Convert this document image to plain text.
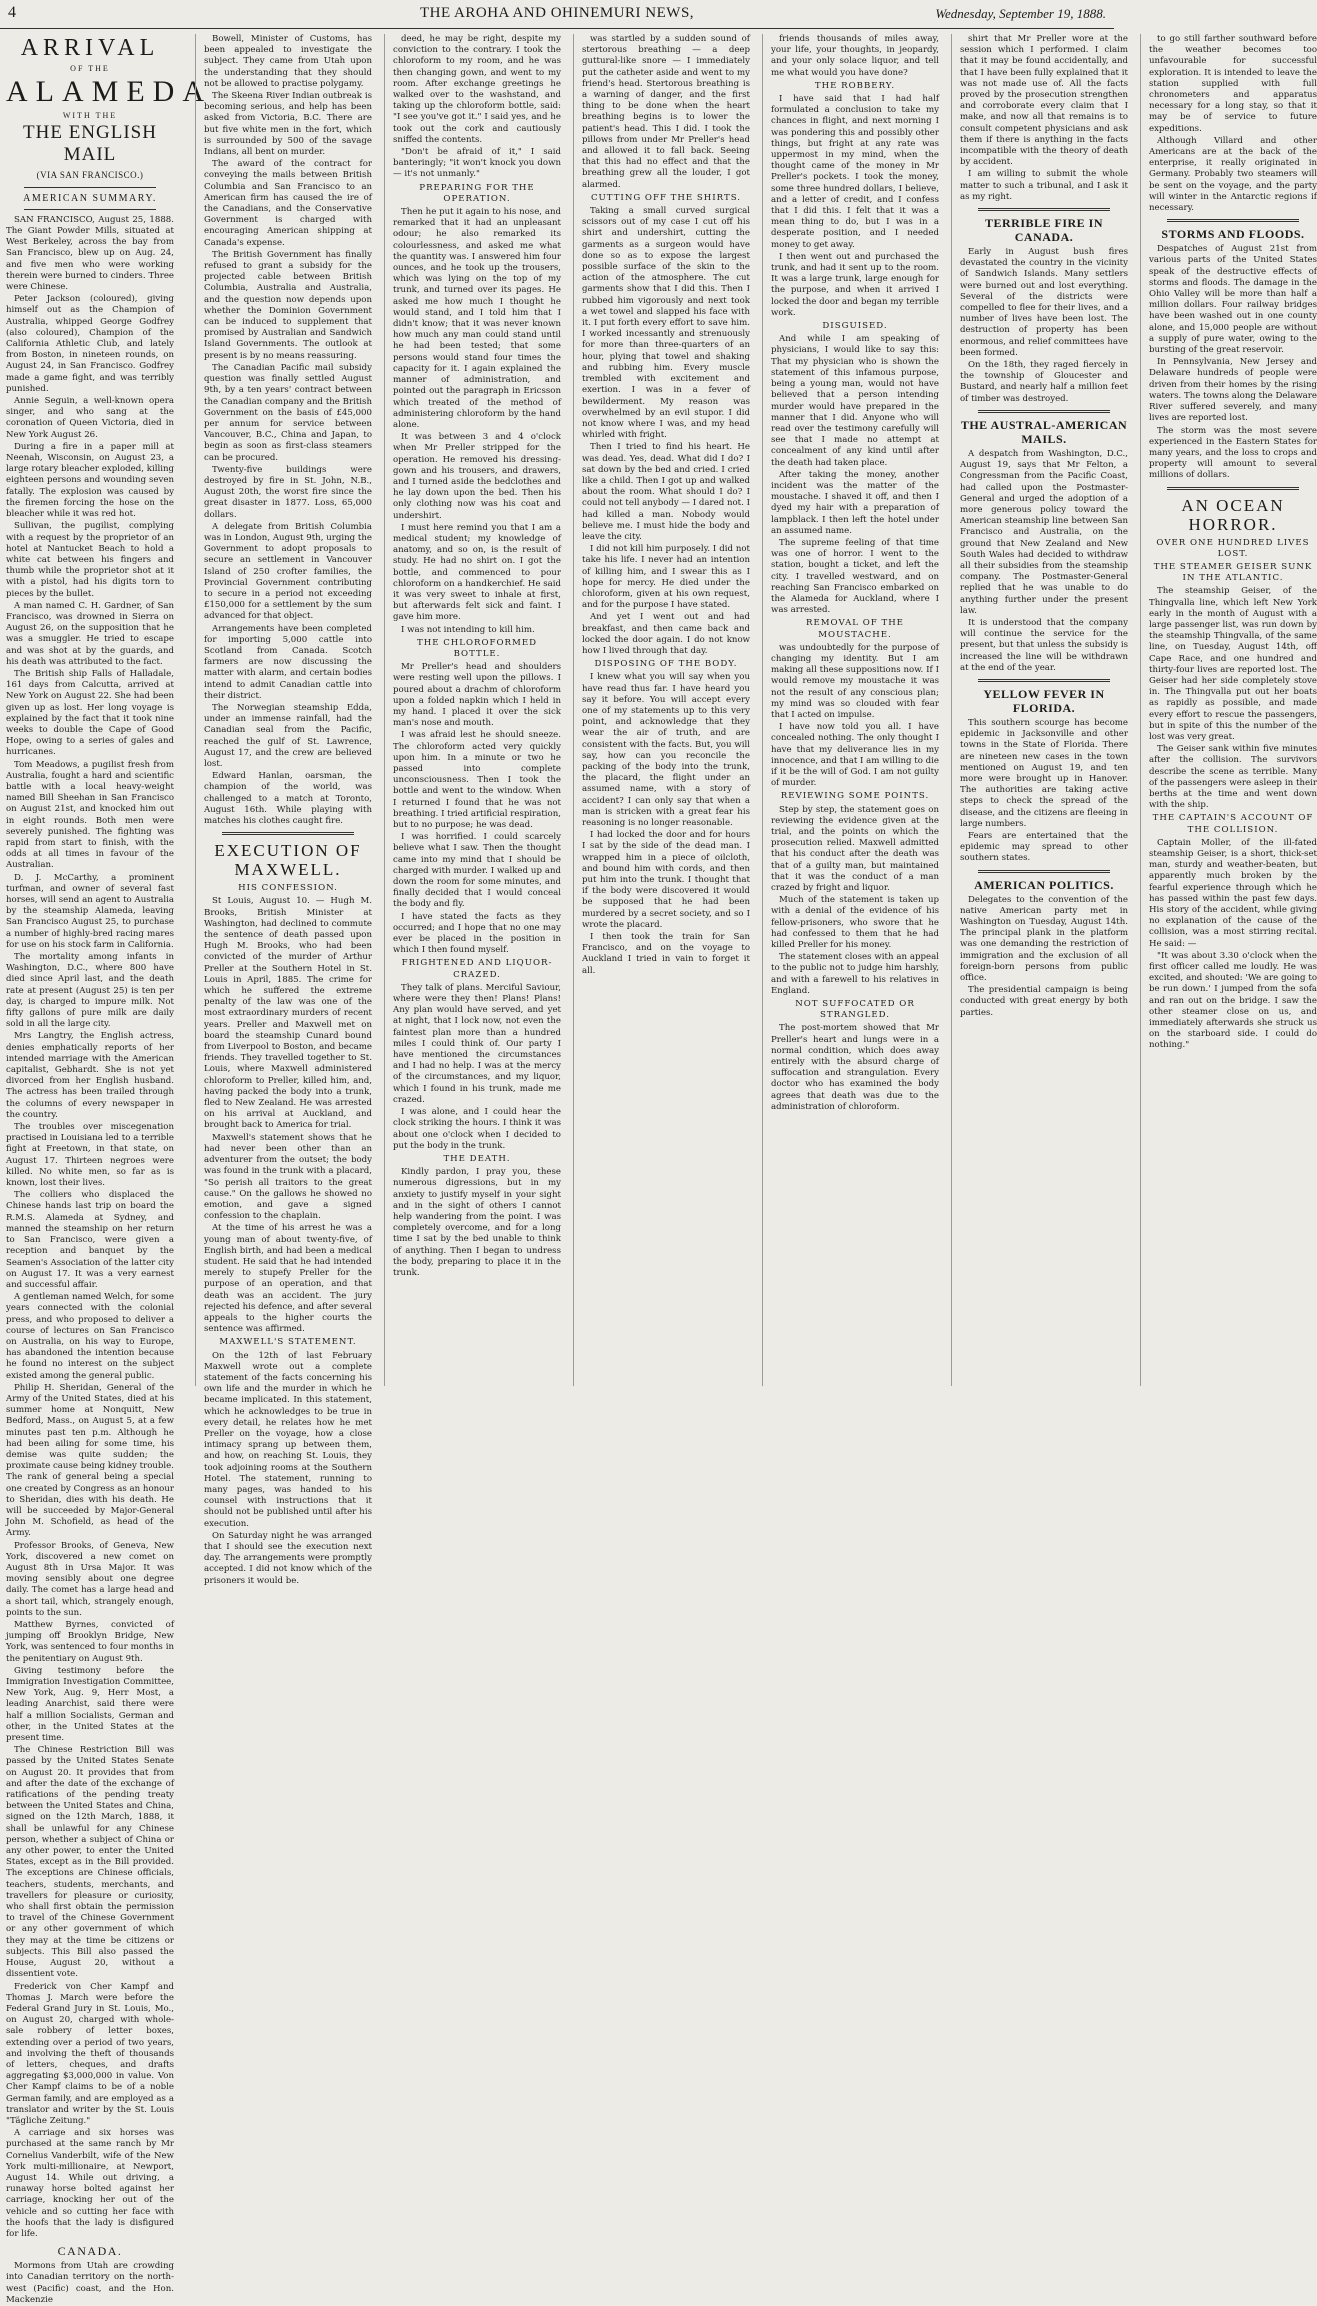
4	THE AROHA AND OHINEMURI NEWS,	Wednesday, September 19, 1888.
ARRIVAL
OF THE
ALAMEDA
WITH THE
THE ENGLISH MAIL
(VIA SAN FRANCISCO.)
AMERICAN SUMMARY.

SAN FRANCISCO, August 25, 1888. The Giant Powder Mills, situated at West Berkeley, across the bay from San Francisco, blew up on Aug. 24, and five men who were working therein were burned to cinders. Three were Chinese.

Peter Jackson (coloured), giving himself out as the Champion of Australia, whipped George Godfrey (also coloured), Champion of the California Athletic Club, and lately from Boston, in nineteen rounds, on August 24, in San Francisco. Godfrey made a game fight, and was terribly punished.

Annie Seguin, a well-known opera singer, and who sang at the coronation of Queen Victoria, died in New York August 26.

During a fire in a paper mill at Neenah, Wisconsin, on August 23, a large rotary bleacher exploded, killing eighteen persons and wounding seven fatally. The explosion was caused by the firemen forcing the hose on the bleacher while it was red hot.

Sullivan, the pugilist, complying with a request by the proprietor of an hotel at Nantucket Beach to hold a white cat between his fingers and thumb while the proprietor shot at it with a pistol, had his digits torn to pieces by the bullet.

A man named C. H. Gardner, of San Francisco, was drowned in Sierra on August 26, on the supposition that he was a smuggler. He tried to escape and was shot at by the guards, and his death was attributed to the fact.

The British ship Falls of Halladale, 161 days from Calcutta, arrived at New York on August 22. She had been given up as lost. Her long voyage is explained by the fact that it took nine weeks to double the Cape of Good Hope, owing to a series of gales and hurricanes.

Tom Meadows, a pugilist fresh from Australia, fought a hard and scientific battle with a local heavy-weight named Bill Sheehan in San Francisco on August 21st, and knocked him out in eight rounds. Both men were severely punished. The fighting was rapid from start to finish, with the odds at all times in favour of the Australian.

D. J. McCarthy, a prominent turfman, and owner of several fast horses, will send an agent to Australia by the steamship Alameda, leaving San Francisco August 25, to purchase a number of highly-bred racing mares for use on his stock farm in California.

The mortality among infants in Washington, D.C., where 800 have died since April last, and the death rate at present (August 25) is ten per day, is charged to impure milk. Not fifty gallons of pure milk are daily sold in all the large city.

Mrs Langtry, the English actress, denies emphatically reports of her intended marriage with the American capitalist, Gebhardt. She is not yet divorced from her English husband. The actress has been trailed through the columns of every newspaper in the country.

The troubles over miscegenation practised in Louisiana led to a terrible fight at Freetown, in that state, on August 17. Thirteen negroes were killed. No white men, so far as is known, lost their lives.

The colliers who displaced the Chinese hands last trip on board the R.M.S. Alameda at Sydney, and manned the steamship on her return to San Francisco, were given a reception and banquet by the Seamen's Association of the latter city on August 17. It was a very earnest and successful affair.

A gentleman named Welch, for some years connected with the colonial press, and who proposed to deliver a course of lectures on San Francisco on Australia, on his way to Europe, has abandoned the intention because he found no interest on the subject existed among the general public.

Philip H. Sheridan, General of the Army of the United States, died at his summer home at Nonquitt, New Bedford, Mass., on August 5, at a few minutes past ten p.m. Although he had been ailing for some time, his demise was quite sudden; the proximate cause being kidney trouble. The rank of general being a special one created by Congress as an honour to Sheridan, dies with his death. He will be succeeded by Major-General John M. Schofield, as head of the Army.

Professor Brooks, of Geneva, New York, discovered a new comet on August 8th in Ursa Major. It was moving sensibly about one degree daily. The comet has a large head and a short tail, which, strangely enough, points to the sun.

Matthew Byrnes, convicted of jumping off Brooklyn Bridge, New York, was sentenced to four months in the penitentiary on August 9th.

Giving testimony before the Immigration Investigation Committee, New York, Aug. 9, Herr Most, a leading Anarchist, said there were half a million Socialists, German and other, in the United States at the present time.

The Chinese Restriction Bill was passed by the United States Senate on August 20. It provides that from and after the date of the exchange of ratifications of the pending treaty between the United States and China, signed on the 12th March, 1888, it shall be unlawful for any Chinese person, whether a subject of China or any other power, to enter the United States, except as in the Bill provided. The exceptions are Chinese officials, teachers, students, merchants, and travellers for pleasure or curiosity, who shall first obtain the permission to travel of the Chinese Government or any other government of which they may at the time be citizens or subjects. This Bill also passed the House, August 20, without a dissentient vote.

Frederick von Cher Kampf and Thomas J. March were before the Federal Grand Jury in St. Louis, Mo., on August 20, charged with whole-sale robbery of letter boxes, extending over a period of two years, and involving the theft of thousands of letters, cheques, and drafts aggregating $3,000,000 in value. Von Cher Kampf claims to be of a noble German family, and are employed as a translator and writer by the St. Louis "Tägliche Zeitung."

A carriage and six horses was purchased at the same ranch by Mr Cornelius Vanderbilt, wife of the New York multi-millionaire, at Newport, August 14. While out driving, a runaway horse bolted against her carriage, knocking her out of the vehicle and so cutting her face with the hoofs that the lady is disfigured for life.

CANADA.

Mormons from Utah are crowding into Canadian territory on the north-west (Pacific) coast, and the Hon. Mackenzie

Bowell, Minister of Customs, has been appealed to investigate the subject. They came from Utah upon the understanding that they should not be allowed to practise polygamy.

The Skeena River Indian outbreak is becoming serious, and help has been asked from Victoria, B.C. There are but five white men in the fort, which is surrounded by 500 of the savage Indians, all bent on murder.

The award of the contract for conveying the mails between British Columbia and San Francisco to an American firm has caused the ire of the Canadians, and the Conservative Government is charged with encouraging American shipping at Canada's expense.

The British Government has finally refused to grant a subsidy for the projected cable between British Columbia, Australia and Australia, and the question now depends upon whether the Dominion Government can be induced to supplement that promised by Australian and Sandwich Island Governments. The outlook at present is by no means reassuring.

The Canadian Pacific mail subsidy question was finally settled August 9th, by a ten years' contract between the Canadian company and the British Government on the basis of £45,000 per annum for service between Vancouver, B.C., China and Japan, to begin as soon as first-class steamers can be procured.

Twenty-five buildings were destroyed by fire in St. John, N.B., August 20th, the worst fire since the great disaster in 1877. Loss, 65,000 dollars.

A delegate from British Columbia was in London, August 9th, urging the Government to adopt proposals to secure an settlement in Vancouver Island of 250 crofter families, the Provincial Government contributing to secure in a period not exceeding £150,000 for a settlement by the sum advanced for that object.

Arrangements have been completed for importing 5,000 cattle into Scotland from Canada. Scotch farmers are now discussing the matter with alarm, and certain bodies intend to admit Canadian cattle into their district.

The Norwegian steamship Edda, under an immense rainfall, had the Canadian seal from the Pacific, reached the gulf of St. Lawrence, August 17, and the crew are believed lost.

Edward Hanlan, oarsman, the champion of the world, was challenged to a match at Toronto, August 16th. While playing with matches his clothes caught fire.

EXECUTION OF MAXWELL.
HIS CONFESSION.

St Louis, August 10. — Hugh M. Brooks, British Minister at Washington, had declined to commute the sentence of death passed upon Hugh M. Brooks, who had been convicted of the murder of Arthur Preller at the Southern Hotel in St. Louis in April, 1885. The crime for which he suffered the extreme penalty of the law was one of the most extraordinary murders of recent years. Preller and Maxwell met on board the steamship Cunard bound from Liverpool to Boston, and became friends. They travelled together to St. Louis, where Maxwell administered chloroform to Preller, killed him, and, having packed the body into a trunk, fled to New Zealand. He was arrested on his arrival at Auckland, and brought back to America for trial.

Maxwell's statement shows that he had never been other than an adventurer from the outset; the body was found in the trunk with a placard, "So perish all traitors to the great cause." On the gallows he showed no emotion, and gave a signed confession to the chaplain.

At the time of his arrest he was a young man of about twenty-five, of English birth, and had been a medical student. He said that he had intended merely to stupefy Preller for the purpose of an operation, and that death was an accident. The jury rejected his defence, and after several appeals to the higher courts the sentence was affirmed.

MAXWELL'S STATEMENT.

On the 12th of last February Maxwell wrote out a complete statement of the facts concerning his own life and the murder in which he became implicated. In this statement, which he acknowledges to be true in every detail, he relates how he met Preller on the voyage, how a close intimacy sprang up between them, and how, on reaching St. Louis, they took adjoining rooms at the Southern Hotel. The statement, running to many pages, was handed to his counsel with instructions that it should not be published until after his execution.

On Saturday night he was arranged that I should see the execution next day. The arrangements were promptly accepted. I did not know which of the prisoners it would be.

deed, he may be right, despite my conviction to the contrary. I took the chloroform to my room, and he was then changing gown, and went to my room. After exchange greetings he walked over to the washstand, and taking up the chloroform bottle, said: "I see you've got it." I said yes, and he took out the cork and cautiously sniffed the contents.

"Don't be afraid of it," I said banteringly; "it won't knock you down — it's not unmanly."

PREPARING FOR THE OPERATION.

Then he put it again to his nose, and remarked that it had an unpleasant odour; he also remarked its colourlessness, and asked me what the quantity was. I answered him four ounces, and he took up the trousers, which was lying on the top of my trunk, and turned over its pages. He asked me how much I thought he would stand, and I told him that I didn't know; that it was never known how much any man could stand until he had been tested; that some persons would stand four times the capacity for it. I again explained the manner of administration, and pointed out the paragraph in Ericsson which treated of the method of administering chloroform by the hand alone.

It was between 3 and 4 o'clock when Mr Preller stripped for the operation. He removed his dressing-gown and his trousers, and drawers, and I turned aside the bedclothes and he lay down upon the bed. Then his only clothing now was his coat and undershirt.

I must here remind you that I am a medical student; my knowledge of anatomy, and so on, is the result of study. He had no shirt on. I got the bottle, and commenced to pour chloroform on a handkerchief. He said it was very sweet to inhale at first, but afterwards felt sick and faint. I gave him more.

I was not intending to kill him.

THE CHLOROFORMED BOTTLE.

Mr Preller's head and shoulders were resting well upon the pillows. I poured about a drachm of chloroform upon a folded napkin which I held in my hand. I placed it over the sick man's nose and mouth.

I was afraid lest he should sneeze. The chloroform acted very quickly upon him. In a minute or two he passed into complete unconsciousness. Then I took the bottle and went to the window. When I returned I found that he was not breathing. I tried artificial respiration, but to no purpose; he was dead.

I was horrified. I could scarcely believe what I saw. Then the thought came into my mind that I should be charged with murder. I walked up and down the room for some minutes, and finally decided that I would conceal the body and fly.

I have stated the facts as they occurred; and I hope that no one may ever be placed in the position in which I then found myself.

FRIGHTENED AND LIQUOR-CRAZED.

They talk of plans. Merciful Saviour, where were they then! Plans! Plans! Any plan would have served, and yet at night, that I lock now, not even the faintest plan more than a hundred miles I could think of. Our party I have mentioned the circumstances and I had no help. I was at the mercy of the circumstances, and my liquor, which I found in his trunk, made me crazed.

I was alone, and I could hear the clock striking the hours. I think it was about one o'clock when I decided to put the body in the trunk.

THE DEATH.

Kindly pardon, I pray you, these numerous digressions, but in my anxiety to justify myself in your sight and in the sight of others I cannot help wandering from the point. I was completely overcome, and for a long time I sat by the bed unable to think of anything. Then I began to undress the body, preparing to place it in the trunk.

was startled by a sudden sound of stertorous breathing — a deep guttural-like snore — I immediately put the catheter aside and went to my friend's head. Stertorous breathing is a warning of danger, and the first thing to be done when the heart breathing begins is to lower the patient's head. This I did. I took the pillows from under Mr Preller's head and allowed it to fall back. Seeing that this had no effect and that the breathing grew all the louder, I got alarmed.

CUTTING OFF THE SHIRTS.

Taking a small curved surgical scissors out of my case I cut off his shirt and undershirt, cutting the garments as a surgeon would have done so as to expose the largest possible surface of the skin to the action of the atmosphere. The cut garments show that I did this. Then I rubbed him vigorously and next took a wet towel and slapped his face with it. I put forth every effort to save him. I worked incessantly and strenuously for more than three-quarters of an hour, plying that towel and shaking and rubbing him. Every muscle trembled with excitement and exertion. I was in a fever of bewilderment. My reason was overwhelmed by an evil stupor. I did not know where I was, and my head whirled with fright.

Then I tried to find his heart. He was dead. Yes, dead. What did I do? I sat down by the bed and cried. I cried like a child. Then I got up and walked about the room. What should I do? I could not tell anybody — I dared not. I had killed a man. Nobody would believe me. I must hide the body and leave the city.

I did not kill him purposely. I did not take his life. I never had an intention of killing him, and I swear this as I hope for mercy. He died under the chloroform, given at his own request, and for the purpose I have stated.

And yet I went out and had breakfast, and then came back and locked the door again. I do not know how I lived through that day.

DISPOSING OF THE BODY.

I knew what you will say when you have read thus far. I have heard you say it before. You will accept every one of my statements up to this very point, and acknowledge that they wear the air of truth, and are consistent with the facts. But, you will say, how can you reconcile the packing of the body into the trunk, the placard, the flight under an assumed name, with a story of accident? I can only say that when a man is stricken with a great fear his reasoning is no longer reasonable.

I had locked the door and for hours I sat by the side of the dead man. I wrapped him in a piece of oilcloth, and bound him with cords, and then put him into the trunk. I thought that if the body were discovered it would be supposed that he had been murdered by a secret society, and so I wrote the placard.

I then took the train for San Francisco, and on the voyage to Auckland I tried in vain to forget it all.

friends thousands of miles away, your life, your thoughts, in jeopardy, and your only solace liquor, and tell me what would you have done?

THE ROBBERY.

I have said that I had half formulated a conclusion to take my chances in flight, and next morning I was pondering this and possibly other things, but fright at any rate was uppermost in my mind, when the thought came of the money in Mr Preller's pockets. I took the money, some three hundred dollars, I believe, and a letter of credit, and I confess that I did this. I felt that it was a mean thing to do, but I was in a desperate position, and I needed money to get away.

I then went out and purchased the trunk, and had it sent up to the room. It was a large trunk, large enough for the purpose, and when it arrived I locked the door and began my terrible work.

DISGUISED.

And while I am speaking of physicians, I would like to say this: That my physician who is shown the statement of this infamous purpose, being a young man, would not have believed that a person intending murder would have prepared in the manner that I did. Anyone who will read over the testimony carefully will see that I made no attempt at concealment of any kind until after the death had taken place.

After taking the money, another incident was the matter of the moustache. I shaved it off, and then I dyed my hair with a preparation of lampblack. I then left the hotel under an assumed name.

The supreme feeling of that time was one of horror. I went to the station, bought a ticket, and left the city. I travelled westward, and on reaching San Francisco embarked on the Alameda for Auckland, where I was arrested.

REMOVAL OF THE MOUSTACHE.

was undoubtedly for the purpose of changing my identity. But I am making all these suppositions now. If I would remove my moustache it was not the result of any conscious plan; my mind was so clouded with fear that I acted on impulse.

I have now told you all. I have concealed nothing. The only thought I have that my deliverance lies in my innocence, and that I am willing to die if it be the will of God. I am not guilty of murder.

REVIEWING SOME POINTS.

Step by step, the statement goes on reviewing the evidence given at the trial, and the points on which the prosecution relied. Maxwell admitted that his conduct after the death was that of a guilty man, but maintained that it was the conduct of a man crazed by fright and liquor.

Much of the statement is taken up with a denial of the evidence of his fellow-prisoners, who swore that he had confessed to them that he had killed Preller for his money.

The statement closes with an appeal to the public not to judge him harshly, and with a farewell to his relatives in England.

NOT SUFFOCATED OR STRANGLED.

The post-mortem showed that Mr Preller's heart and lungs were in a normal condition, which does away entirely with the absurd charge of suffocation and strangulation. Every doctor who has examined the body agrees that death was due to the administration of chloroform.

shirt that Mr Preller wore at the session which I performed. I claim that it may be found accidentally, and that I have been fully explained that it was not made use of. All the facts proved by the prosecution strengthen and corroborate every claim that I make, and now all that remains is to consult competent physicians and ask them if there is anything in the facts incompatible with the theory of death by accident.

I am willing to submit the whole matter to such a tribunal, and I ask it as my right.

TERRIBLE FIRE IN CANADA.

Early in August bush fires devastated the country in the vicinity of Sandwich Islands. Many settlers were burned out and lost everything. Several of the districts were compelled to flee for their lives, and a number of lives have been lost. The destruction of property has been enormous, and relief committees have been formed.

On the 18th, they raged fiercely in the township of Gloucester and Bustard, and nearly half a million feet of timber was destroyed.

THE AUSTRAL-AMERICAN MAILS.

A despatch from Washington, D.C., August 19, says that Mr Felton, a Congressman from the Pacific Coast, had called upon the Postmaster-General and urged the adoption of a more generous policy toward the American steamship line between San Francisco and Australia, on the ground that New Zealand and New South Wales had decided to withdraw all their subsidies from the steamship company. The Postmaster-General replied that he was unable to do anything further under the present law.

It is understood that the company will continue the service for the present, but that unless the subsidy is increased the line will be withdrawn at the end of the year.

YELLOW FEVER IN FLORIDA.

This southern scourge has become epidemic in Jacksonville and other towns in the State of Florida. There are nineteen new cases in the town mentioned on August 19, and ten more were brought up in Hanover. The authorities are taking active steps to check the spread of the disease, and the citizens are fleeing in large numbers.

Fears are entertained that the epidemic may spread to other southern states.

AMERICAN POLITICS.

Delegates to the convention of the native American party met in Washington on Tuesday, August 14th. The principal plank in the platform was one demanding the restriction of immigration and the exclusion of all foreign-born persons from public office.

The presidential campaign is being conducted with great energy by both parties.

to go still farther southward before the weather becomes too unfavourable for successful exploration. It is intended to leave the station supplied with full chronometers and apparatus necessary for a long stay, so that it may be of service to future expeditions.

Although Villard and other Americans are at the back of the enterprise, it really originated in Germany. Probably two steamers will be sent on the voyage, and the party will winter in the Antarctic regions if necessary.

STORMS AND FLOODS.

Despatches of August 21st from various parts of the United States speak of the destructive effects of storms and floods. The damage in the Ohio Valley will be more than half a million dollars. Four railway bridges have been washed out in one county alone, and 15,000 people are without a supply of pure water, owing to the bursting of the great reservoir.

In Pennsylvania, New Jersey and Delaware hundreds of people were driven from their homes by the rising waters. The towns along the Delaware River suffered severely, and many lives are reported lost.

The storm was the most severe experienced in the Eastern States for many years, and the loss to crops and property will amount to several millions of dollars.

AN OCEAN HORROR.
OVER ONE HUNDRED LIVES LOST.
THE STEAMER GEISER SUNK IN THE ATLANTIC.

The steamship Geiser, of the Thingvalla line, which left New York early in the month of August with a large passenger list, was run down by the steamship Thingvalla, of the same line, on Tuesday, August 14th, off Cape Race, and one hundred and thirty-four lives are reported lost. The Geiser had her side completely stove in. The Thingvalla put out her boats as rapidly as possible, and made every effort to rescue the passengers, but in spite of this the number of the lost was very great.

The Geiser sank within five minutes after the collision. The survivors describe the scene as terrible. Many of the passengers were asleep in their berths at the time and went down with the ship.

THE CAPTAIN'S ACCOUNT OF THE COLLISION.

Captain Moller, of the ill-fated steamship Geiser, is a short, thick-set man, sturdy and weather-beaten, but apparently much broken by the fearful experience through which he has passed within the past few days. His story of the accident, while giving no explanation of the cause of the collision, was a most stirring recital. He said: —

"It was about 3.30 o'clock when the first officer called me loudly. He was excited, and shouted: 'We are going to be run down.' I jumped from the sofa and ran out on the bridge. I saw the other steamer close on us, and immediately afterwards she struck us on the starboard side. I could do nothing."
